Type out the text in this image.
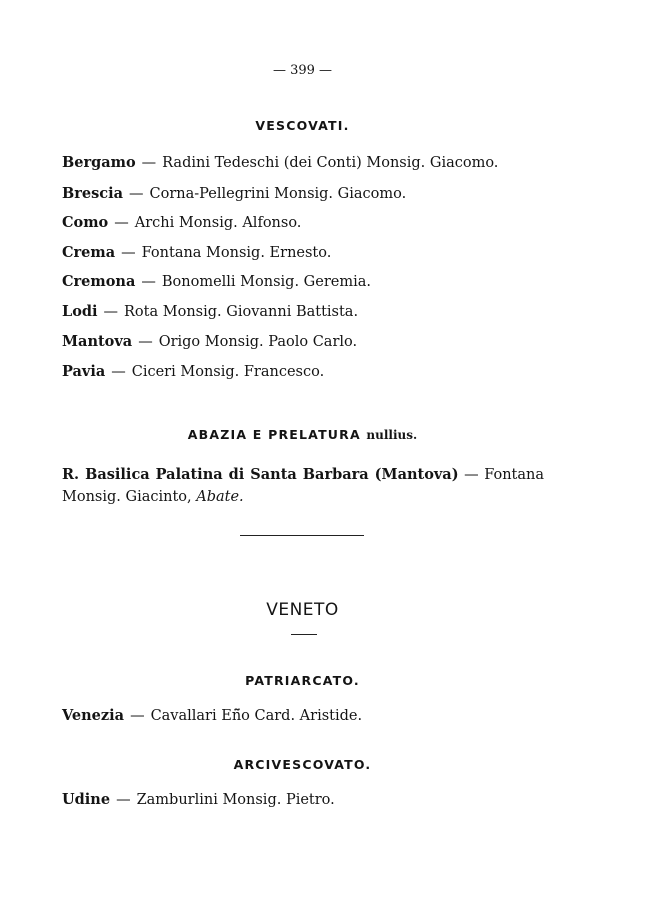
— 399 —
VESCOVATI.
Bergamo — Radini Tedeschi (dei Conti) Monsig. Giacomo.
Brescia — Corna-Pellegrini Monsig. Giacomo.
Como — Archi Monsig. Alfonso.
Crema — Fontana Monsig. Ernesto.
Cremona — Bonomelli Monsig. Geremia.
Lodi — Rota Monsig. Giovanni Battista.
Mantova — Origo Monsig. Paolo Carlo.
Pavia — Ciceri Monsig. Francesco.
ABAZIA E PRELATURA nullius.
R. Basilica Palatina di Santa Barbara (Mantova) — Fontana Monsig. Giacinto, Abate.
VENETO
PATRIARCATO.
Venezia — Cavallari Eñ̃o Card. Aristide.
ARCIVESCOVATO.
Udine — Zamburlini Monsig. Pietro.
